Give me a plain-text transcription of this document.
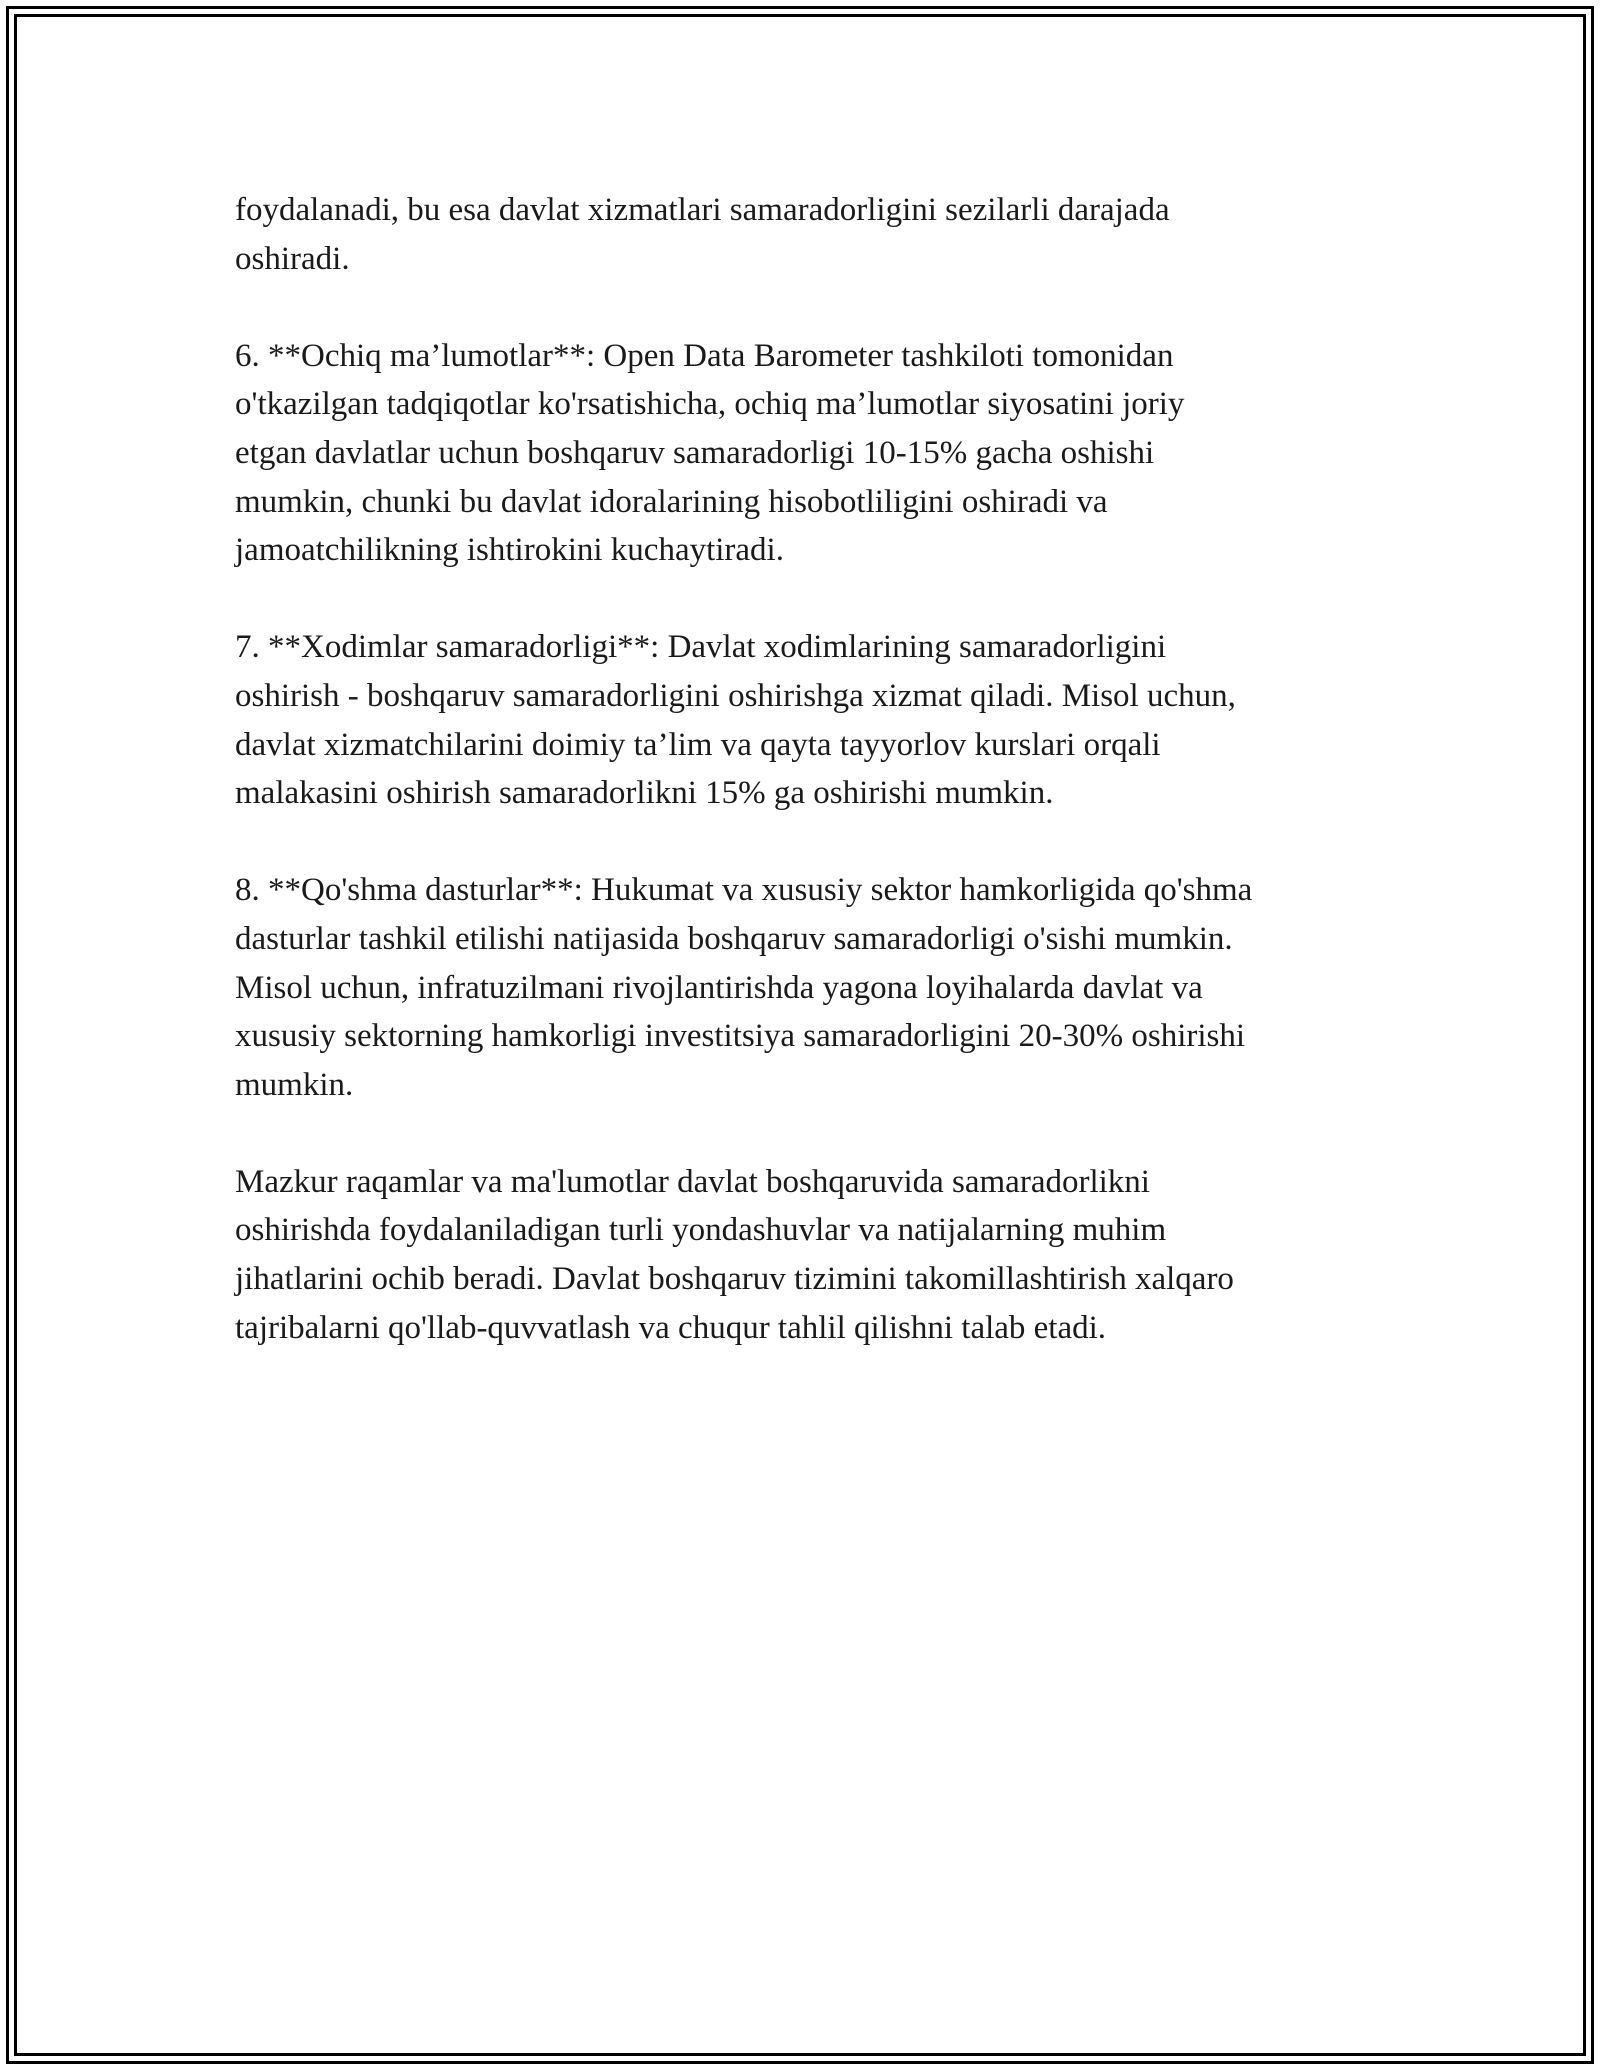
foydalanadi, bu esa davlat xizmatlari samaradorligini sezilarli darajada
oshiradi.

6. **Ochiq ma’lumotlar**: Open Data Barometer tashkiloti tomonidan
o'tkazilgan tadqiqotlar ko'rsatishicha, ochiq ma’lumotlar siyosatini joriy
etgan davlatlar uchun boshqaruv samaradorligi 10-15% gacha oshishi
mumkin, chunki bu davlat idoralarining hisobotliligini oshiradi va
jamoatchilikning ishtirokini kuchaytiradi.

7. **Xodimlar samaradorligi**: Davlat xodimlarining samaradorligini
oshirish - boshqaruv samaradorligini oshirishga xizmat qiladi. Misol uchun,
davlat xizmatchilarini doimiy ta’lim va qayta tayyorlov kurslari orqali
malakasini oshirish samaradorlikni 15% ga oshirishi mumkin.

8. **Qo'shma dasturlar**: Hukumat va xususiy sektor hamkorligida qo'shma
dasturlar tashkil etilishi natijasida boshqaruv samaradorligi o'sishi mumkin.
Misol uchun, infratuzilmani rivojlantirishda yagona loyihalarda davlat va
xususiy sektorning hamkorligi investitsiya samaradorligini 20-30% oshirishi
mumkin.

Mazkur raqamlar va ma'lumotlar davlat boshqaruvida samaradorlikni
oshirishda foydalaniladigan turli yondashuvlar va natijalarning muhim
jihatlarini ochib beradi. Davlat boshqaruv tizimini takomillashtirish xalqaro
tajribalarni qo'llab-quvvatlash va chuqur tahlil qilishni talab etadi.
